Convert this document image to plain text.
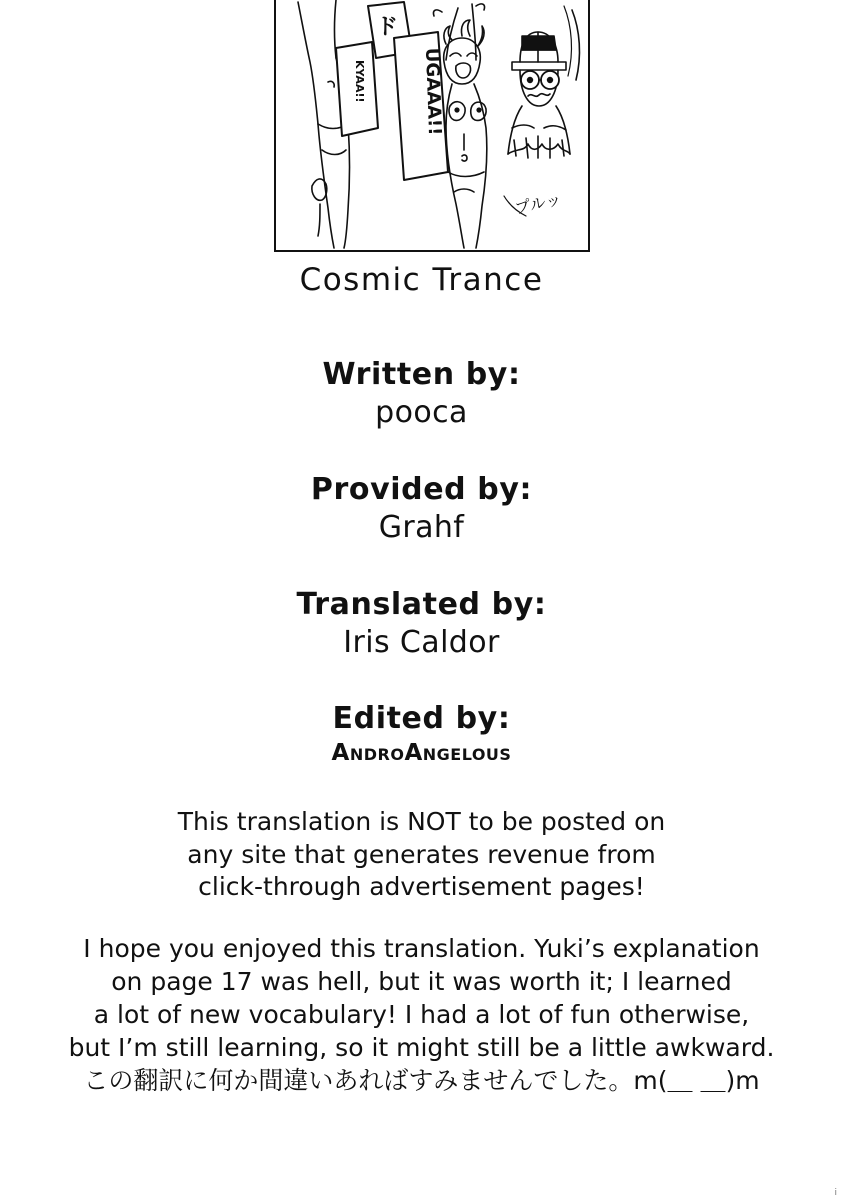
KYAA!!
ド
UGAAA!!
プルッ
Cosmic Trance
Written by:
pooca
Provided by:
Grahf
Translated by:
Iris Caldor
Edited by:
AndroAngelous
This translation is NOT to be posted on
any site that generates revenue from
click-through advertisement pages!
I hope you enjoyed this translation. Yuki’s explanation
on page 17 was hell, but it was worth it; I learned
a lot of new vocabulary! I had a lot of fun otherwise,
but I’m still learning, so it might still be a little awkward.
この翻訳に何か間違いあればすみませんでした。m(＿ ＿)m
i
